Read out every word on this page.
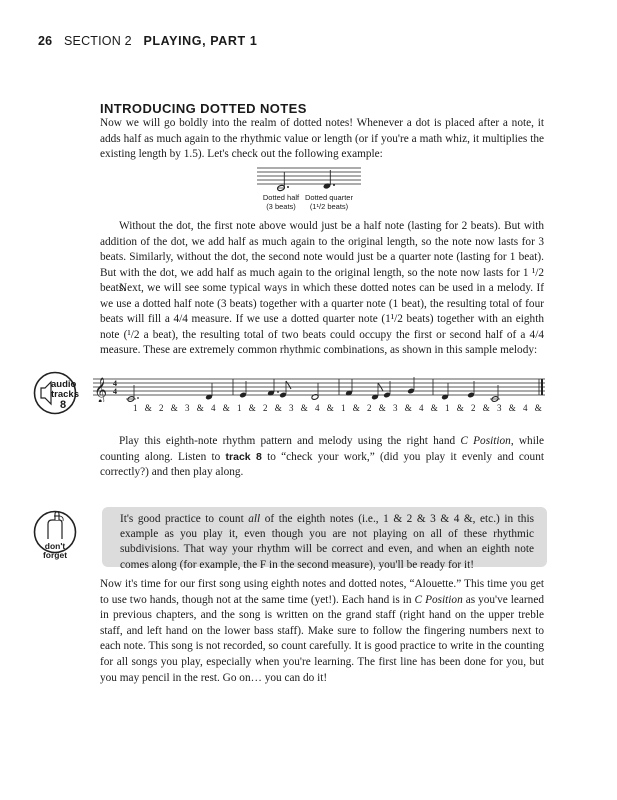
26 SECTION 2 PLAYING, PART 1
INTRODUCING DOTTED NOTES

Now we will go boldly into the realm of dotted notes! Whenever a dot is placed after a note, it adds half as much again to the rhythmic value or length (or if you're a math whiz, it multiplies the existing length by 1.5). Let's check out the following example:

Dotted half
(3 beats)
Dotted quarter
(1¹/2 beats)

Without the dot, the first note above would just be a half note (lasting for 2 beats). But with addition of the dot, we add half as much again to the original length, so the note now lasts for 3 beats. Similarly, without the dot, the second note would just be a quarter note (lasting for 1 beat). But with the dot, we add half as much again to the original length, so the note now lasts for 1 ¹/2 beats.

Next, we will see some typical ways in which these dotted notes can be used in a melody. If we use a dotted half note (3 beats) together with a quarter note (1 beat), the resulting total of four beats will fill a 4/4 measure. If we use a dotted quarter note (1¹/2 beats) together with an eighth note (¹/2 a beat), the resulting total of two beats could occupy the first or second half of a 4/4 measure. These are extremely common rhythmic combinations, as shown in this sample melody:

audio
tracks
8
𝄞 4
4
1 & 2 & 3 & 4 & 1 & 2 & 3 & 4 & 1 & 2 & 3 & 4 & 1 & 2 & 3 & 4 &

Play this eighth-note rhythm pattern and melody using the right hand C Position, while counting along. Listen to track 8 to “check your work,” (did you play it evenly and count correctly?) and then play along.

don't
forget

It's good practice to count all of the eighth notes (i.e., 1 & 2 & 3 & 4 &, etc.) in this example as you play it, even though you are not playing on all of these rhythmic subdivisions. That way your rhythm will be correct and even, and when an eighth note comes along (for example, the F in the second measure), you'll be ready for it!

Now it's time for our first song using eighth notes and dotted notes, “Alouette.” This time you get to use two hands, though not at the same time (yet!). Each hand is in C Position as you've learned in previous chapters, and the song is written on the grand staff (right hand on the upper treble staff, and left hand on the lower bass staff). Make sure to follow the fingering numbers next to each note. This song is not recorded, so count carefully. It is good practice to write in the counting for all songs you play, especially when you're learning. The first line has been done for you, but you may pencil in the rest. Go on… you can do it!
